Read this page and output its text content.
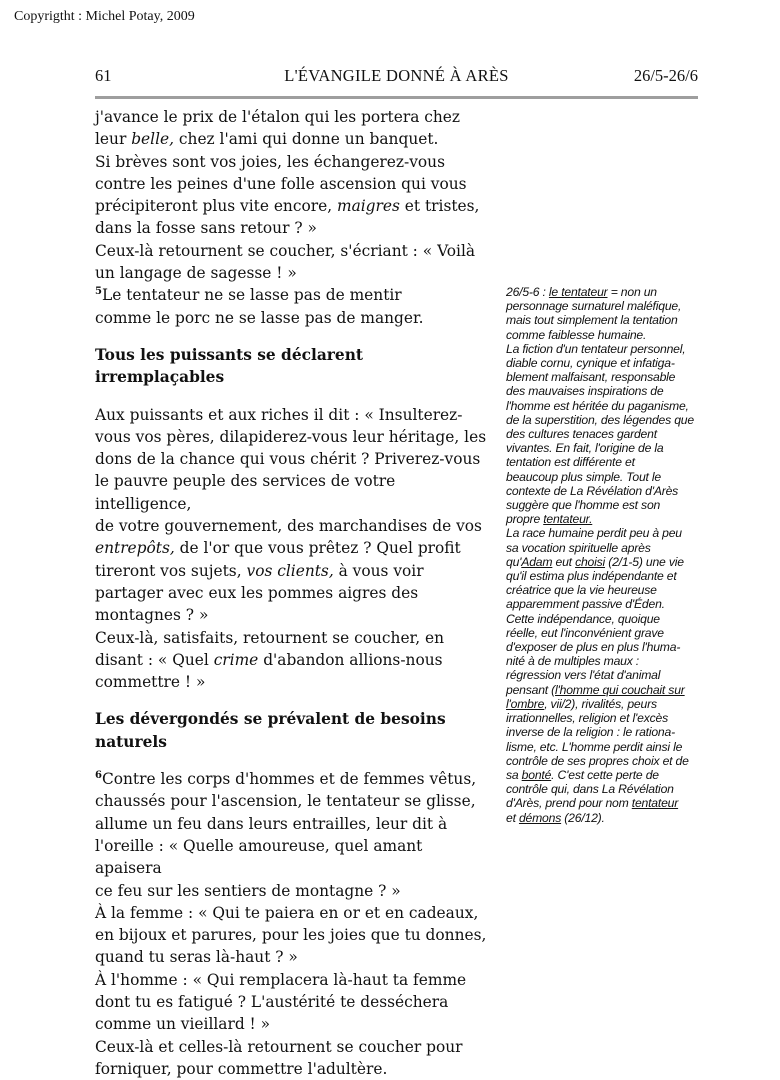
Copyrigtht : Michel Potay, 2009
61	L'ÉVANGILE DONNÉ À ARÈS	26/5-26/6

j'avance le prix de l'étalon qui les portera chez

leur belle, chez l'ami qui donne un banquet.

Si brèves sont vos joies, les échangerez-vous

contre les peines d'une folle ascension qui vous

précipiteront plus vite encore, maigres et tristes,

dans la fosse sans retour ? »

Ceux-là retournent se coucher, s'écriant : « Voilà

un langage de sagesse ! »

$^5$Le tentateur ne se lasse pas de mentir

comme le porc ne se lasse pas de manger.

Tous les puissants se déclarent irremplaçables

Aux puissants et aux riches il dit : « Insulterez-

vous vos pères, dilapiderez-vous leur héritage, les

dons de la chance qui vous chérit ? Priverez-vous

le pauvre peuple des services de votre intelligence,

de votre gouvernement, des marchandises de vos

entrepôts, de l'or que vous prêtez ? Quel profit

tireront vos sujets, vos clients, à vous voir

partager avec eux les pommes aigres des

montagnes ? »

Ceux-là, satisfaits, retournent se coucher, en

disant : « Quel crime d'abandon allions-nous

commettre ! »

Les dévergondés se prévalent de besoins naturels

$^6$Contre les corps d'hommes et de femmes vêtus,

chaussés pour l'ascension, le tentateur se glisse,

allume un feu dans leurs entrailles, leur dit à

l'oreille : « Quelle amoureuse, quel amant apaisera

ce feu sur les sentiers de montagne ? »

À la femme : « Qui te paiera en or et en cadeaux,

en bijoux et parures, pour les joies que tu donnes,

quand tu seras là-haut ? »

À l'homme : « Qui remplacera là-haut ta femme

dont tu es fatigué ? L'austérité te desséchera

comme un vieillard ! »

Ceux-là et celles-là retournent se coucher pour

forniquer, pour commettre l'adultère.

26/5-6 : le tentateur = non un

personnage surnaturel maléfique,

mais tout simplement la tentation

comme faiblesse humaine.

La fiction d'un tentateur personnel,

diable cornu, cynique et infatiga-

blement malfaisant, responsable

des mauvaises inspirations de

l'homme est héritée du paganisme,

de la superstition, des légendes que

des cultures tenaces gardent

vivantes. En fait, l'origine de la

tentation est différente et

beaucoup plus simple. Tout le

contexte de La Révélation d'Arès

suggère que l'homme est son

propre tentateur.

La race humaine perdit peu à peu

sa vocation spirituelle après

qu'Adam eut choisi (2/1-5) une vie

qu'il estima plus indépendante et

créatrice que la vie heureuse

apparemment passive d'Éden.

Cette indépendance, quoique

réelle, eut l'inconvénient grave

d'exposer de plus en plus l'huma-

nité à de multiples maux :

régression vers l'état d'animal

pensant (l'homme qui couchait sur

l'ombre, vii/2), rivalités, peurs

irrationnelles, religion et l'excès

inverse de la religion : le rationa-

lisme, etc. L'homme perdit ainsi le

contrôle de ses propres choix et de

sa bonté. C'est cette perte de

contrôle qui, dans La Révélation

d'Arès, prend pour nom tentateur

et démons (26/12).
